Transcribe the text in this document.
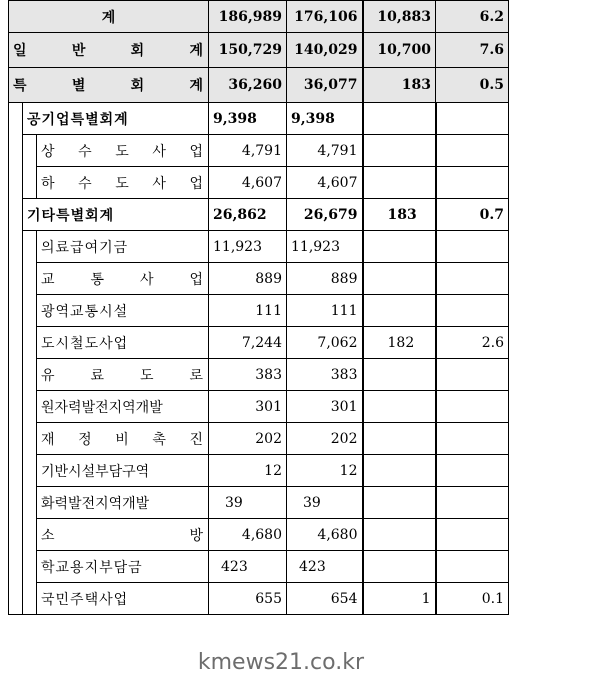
계			186,989	176,106	10,883	6.2	
일 반 회 계			150,729	140,029	10,700	7.6	
특 별 회 계			36,260	36,077	183	0.5	
	공기업특별회계		9,398	9,398			
		상 수 도 사 업	4,791	4,791			
		하 수 도 사 업	4,607	4,607			
	기타특별회계		26,862	26,679	183	0.7	
		의료급여기금	11,923	11,923			
		교 통 사 업	889	889			
		광역교통시설	111	111			
		도시철도사업	7,244	7,062	182	2.6	
		유 료 도 로	383	383			
		원자력발전지역개발	301	301			
		재 정 비 촉 진	202	202			
		기반시설부담구역	12	12			
		화력발전지역개발	39	39			
		소 방	4,680	4,680			
		학교용지부담금	423	423			
		국민주택사업	655	654	1	0.1	
kmews21.co.kr
